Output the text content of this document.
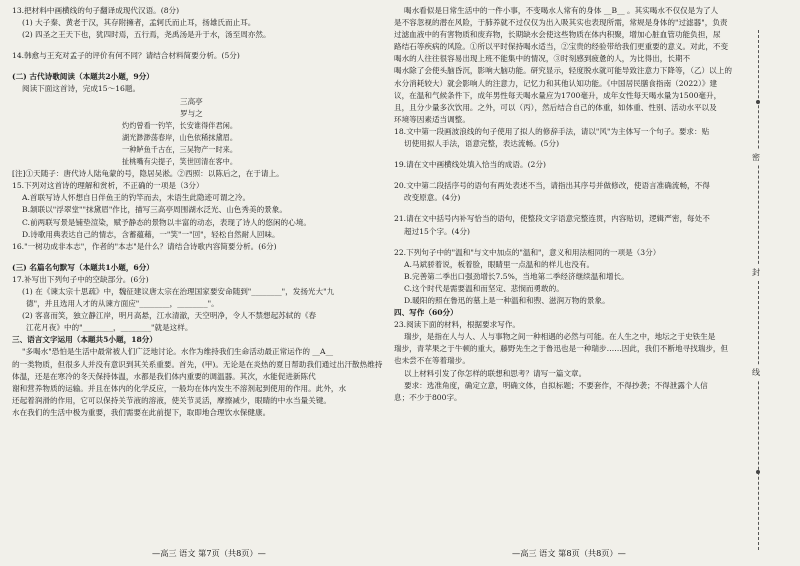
13.把材料中画横线的句子翻译成现代汉语。(8分)
(1) 大子秦、黄老于汉，其存附擁者，孟轲氏而止耳，扬雄氏而止耳。
(2) 四圣之王天下也，犹四时焉，五行焉，尧禹汤是升于水，汤至周亦然。
14.韩愈与王充对孟子的评价有何不同？请结合材料简要分析。(5分)
(二) 古代诗歌阅读（本题共2小题，9分）
阅读下面这首诗，完成15～16题。
三高亭
罗与之
灼灼曾看一钓竿，长安谁得伴君闲。
湖光渺渺荡春岸，山色依稀抹黛眉。
一种鲈鱼千古在，三吴物产一时来。
扯桃嘴有尖提子，笑世回清在客中。
[注]①天随子：唐代诗人陆龟蒙的号，隐居吴淞。②西照：以陈后之，在于请上。
15.下列对这首诗的理解和赏析，不正确的一项是（3分）
A.首联写诗人怀想自日伴鱼王的钓竿而去，未语生此隐迹可谓之冷。
B.颔联以"浮翠堂""抹黛眉"作比，描写三高亭周围湖水泛光、山色秀美的景象。
C.前两联写景是铺垫渲染，赋予静态的景物以丰富的动态，表现了诗人的悠闲的心境。
D.诗歌用典表达自己的情志，含蓄蕴藉，一"笑"一"回"，轻松自然耐人回味。
16."一树功成非本志"，作者的"本志"是什么？请结合诗歌内容简要分析。(6分)
(三) 名篇名句默写（本题共1小题，6分）
17.补写出下列句子中的空缺部分。(6分)
(1) 在《谏太宗十思疏》中，魏征建议唐太宗在治理国家要安命随到"________"，发扬光大"九
德"，并且选用人才的从谏方面应"________，________"。
(2) 客喜而笑，独立静江岸，明月高悬，江水清澈，天空明净，令人不禁想起苏轼的《春
江花月夜》中的"________，________"就是这样。
三、语言文字运用（本题共5小题，18分）
"多喝水"恐怕是生活中最常被人们广泛地讨论。水作为维持我们生命活动最正常运作的 __A__
的一类物质，但很多人并没有意识到其关系重要。首先，(甲)。无论是在炎热的夏日帮助我们通过出汗散热维持
体温，还是在寒冷的冬天保持体温，水都是我们体内重要的调温器。其次，水能促进新陈代
谢和营养物质的运输。并且在体内的化学反应，一般均在体内发生不溶剂起到使用的作用。此外，水
还起着润滑的作用，它可以保持关节液的溶液，使关节灵活，摩擦减少，眼睛的中水当量关键。
水在我们的生活中极为重要，我们需要在此前提下，取即地合理饮水保健康。
喝水看似是日常生活中的一件小事，不变喝水人常有的身体 __B__ 。其实喝水不仅仅是为了人
是不容忽视的潜在风险，于肺养就不过仅仅为出入吸其实也表现所需，常规是身体的"过滤器"，负责
过滤血液中的有害物质和废弃物，长期缺水会使这些物质在体内积聚，增加心脏血管功能负担，尿
路结石等疾病的风险。①所以平时保持喝水适当，②宝贵的经验带给我们更重要的意义。对此，不变
喝水的人往往很容易出现上班不能集中的情况，③时刻感到疲惫的人，为比得出，长期不
喝水除了会使头脑昏沉，影响大脑功能。研究显示，轻度脱水就可能导致注意力下降等，（乙）以上的
水分消耗较大）就会影响人的注意力，记忆力和其他认知功能。《中国居民膳食指南（2022）》建
议，在温和气候条件下，成年男性每天喝水量应为1700毫升，成年女性每天喝水量为1500毫升，
且，且分少量多次饮用。之外，可以（丙），然后结合自己的体重，如体重、性别、活动水平以及
环境等因素适当调整。
18.文中第一段画波浪线的句子使用了拟人的修辞手法，请以"风"为主体写一个句子。要求：贴
切使用拟人手法，语意完整，表达流畅。(5分)
19.请在文中画横线处填入恰当的成语。(2分)
20.文中第二段括序号的语句有两处表述不当，请指出其序号并做修改，使语言准确流畅，不得
改变原意。(4分)
21.请在文中括号内补写恰当的语句，使整段文字语意完整连贯，内容贴切，逻辑严密，每处不
超过15个字。(4分)
22.下列句子中的"温和"与文中加点的"温和"，意义和用法相同的一项是（3分）
A.马斌骄着说，板着脸，眼睛里一点温和的样儿也没有。
B.完善第二季出口强劲增长7.5%，当地第二季经济继续温和增长。
C.这个时代是需要温和而坚定、悲悯而勇敢的。
D.暖阳的照在鲁迅的墓上是一种温和和煦、滋润万物的景象。
四、写作（60分）
23.阅读下面的材料，根据要求写作。
瑞步，是指在人与人、人与事物之间一种相遇的必然与可能。在人生之中，地坛之于史铁生是
瑞步，青苹果之于牛顿的重大，藤野先生之于鲁迅也是一种瑞步……因此，我们不断地寻找瑞步，但
也未尝不在等着瑞步。
以上材料引发了你怎样的联想和思考？请写一篇文章。
要求：选准角度，确定立意，明确文体，自拟标题；不要套作，不得抄袭；不得泄露个人信
息；不少于800字。
—高三 语文 第7页（共8页）—	—高三 语文 第8页（共8页）—
密
封
线
